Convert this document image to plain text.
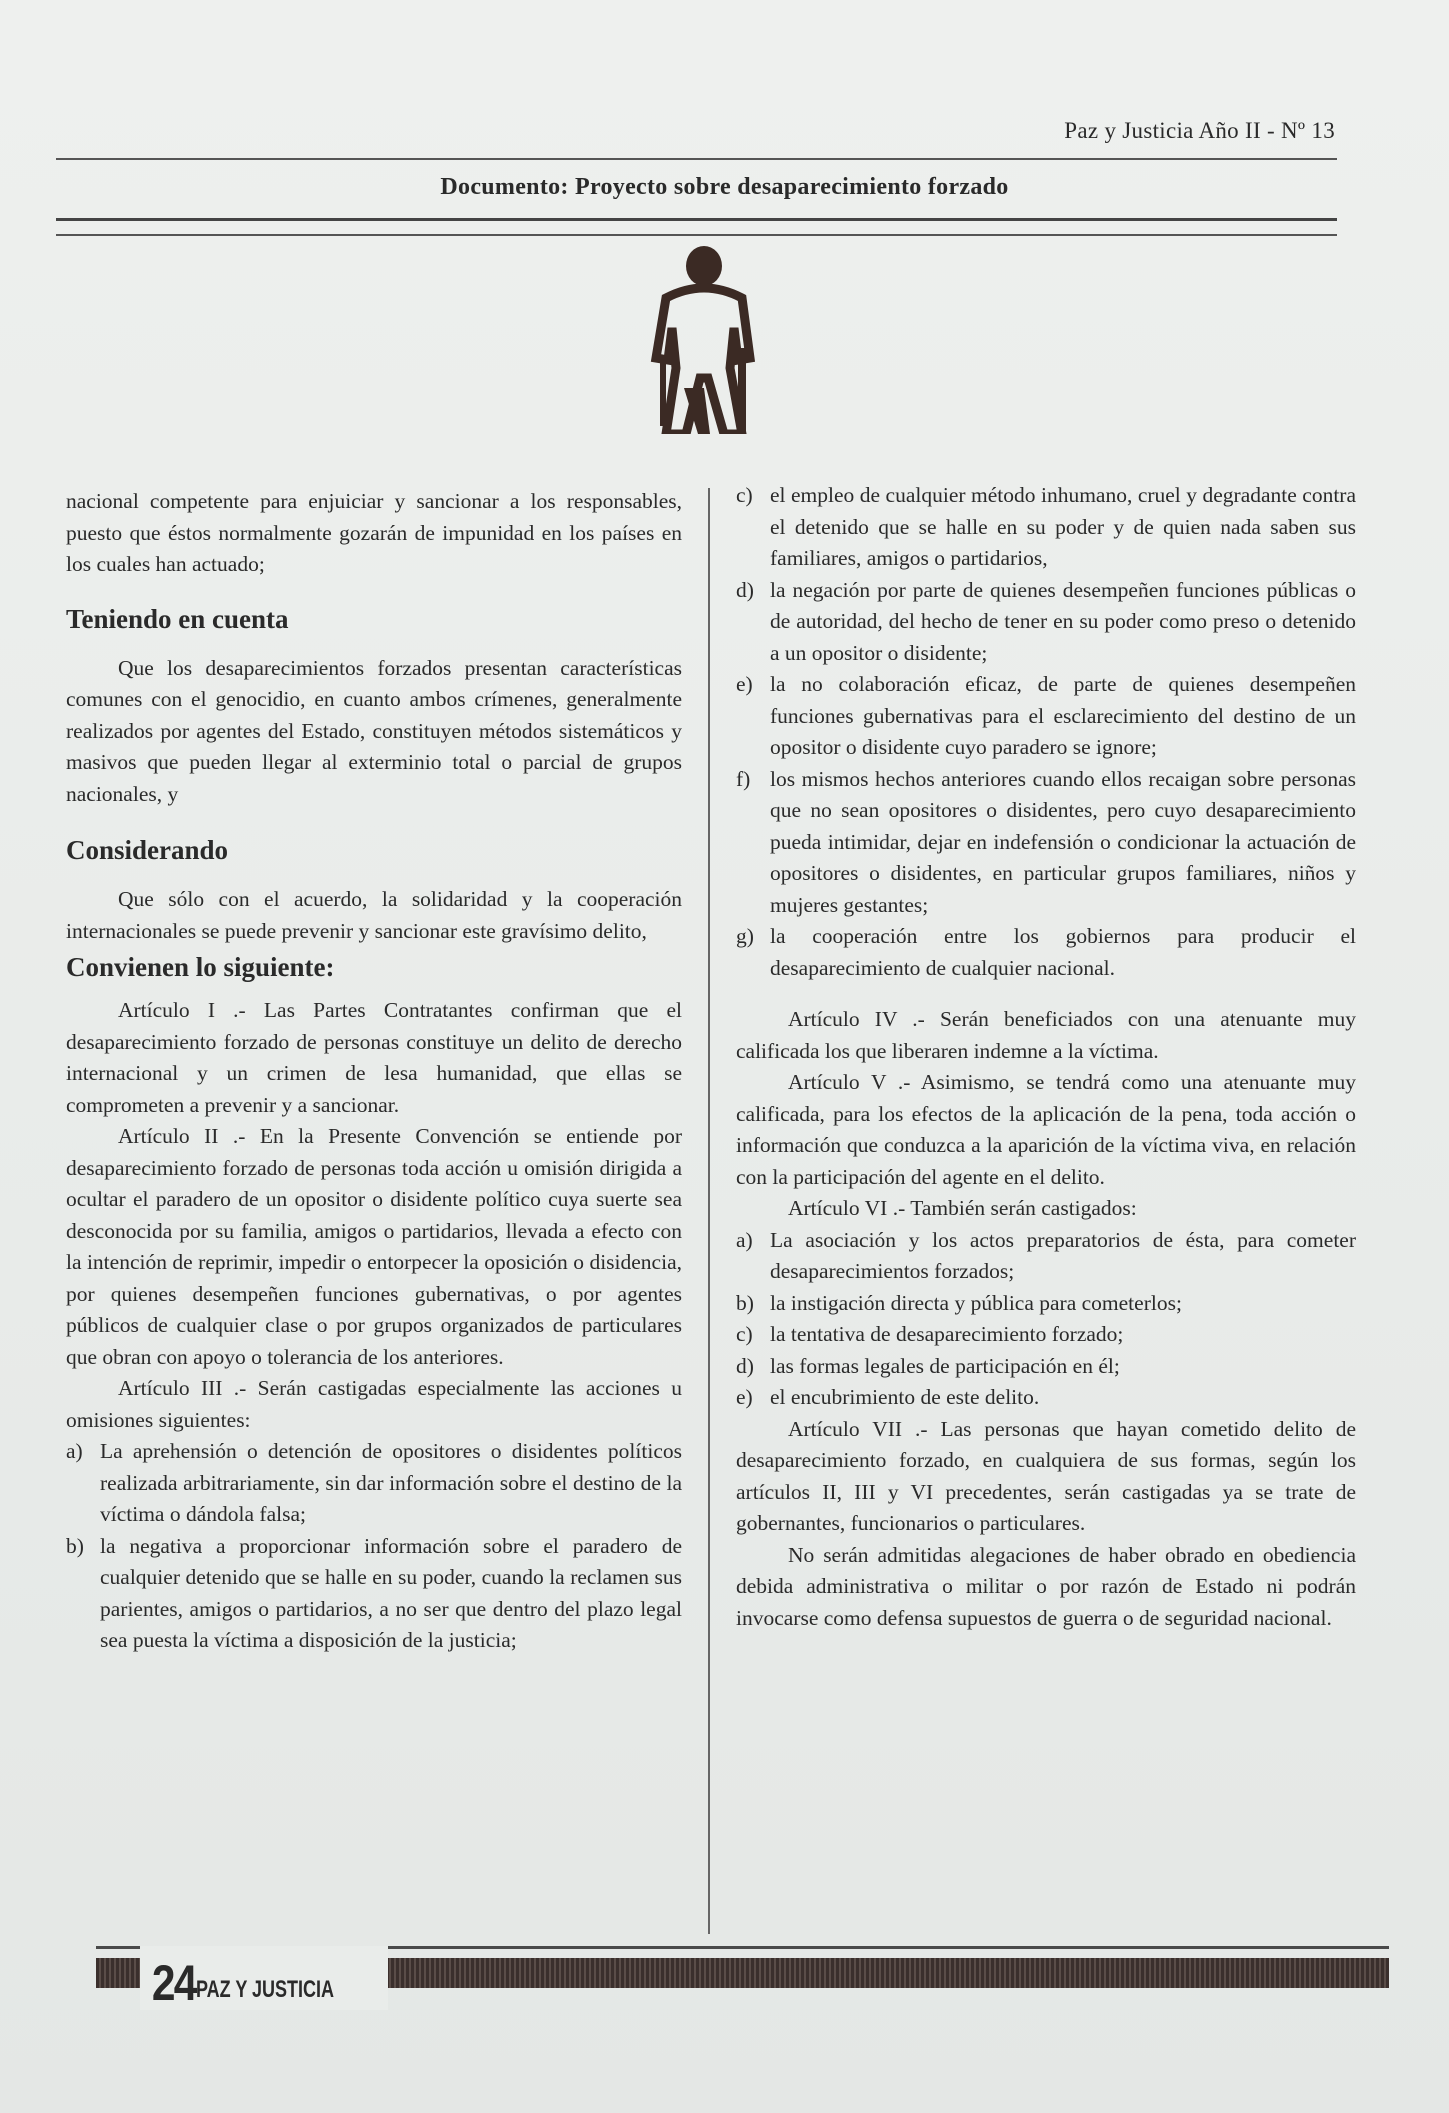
Paz y Justicia Año II - Nº 13
Documento: Proyecto sobre desaparecimiento forzado

nacional competente para enjuiciar y sancionar a los responsables, puesto que éstos normalmente gozarán de impunidad en los países en los cuales han actuado;

Teniendo en cuenta

Que los desaparecimientos forzados presentan características comunes con el genocidio, en cuanto ambos crímenes, generalmente realizados por agentes del Estado, constituyen métodos sistemáticos y masivos que pueden llegar al exterminio total o parcial de grupos nacionales, y

Considerando

Que sólo con el acuerdo, la solidaridad y la cooperación internacionales se puede prevenir y sancionar este gravísimo delito,

Convienen lo siguiente:

Artículo I .- Las Partes Contratantes confirman que el desaparecimiento forzado de personas constituye un delito de derecho internacional y un crimen de lesa humanidad, que ellas se comprometen a prevenir y a sancionar.

Artículo II .- En la Presente Convención se entiende por desaparecimiento forzado de personas toda acción u omisión dirigida a ocultar el paradero de un opositor o disidente político cuya suerte sea desconocida por su familia, amigos o partidarios, llevada a efecto con la intención de reprimir, impedir o entorpecer la oposición o disidencia, por quienes desempeñen funciones gubernativas, o por agentes públicos de cualquier clase o por grupos organizados de particulares que obran con apoyo o tolerancia de los anteriores.

Artículo III .- Serán castigadas especialmente las acciones u omisiones siguientes:

a) La aprehensión o detención de opositores o disidentes políticos realizada arbitrariamente, sin dar información sobre el destino de la víctima o dándola falsa;
b) la negativa a proporcionar información sobre el paradero de cualquier detenido que se halle en su poder, cuando la reclamen sus parientes, amigos o partidarios, a no ser que dentro del plazo legal sea puesta la víctima a disposición de la justicia;
c) el empleo de cualquier método inhumano, cruel y degradante contra el detenido que se halle en su poder y de quien nada saben sus familiares, amigos o partidarios,
d) la negación por parte de quienes desempeñen funciones públicas o de autoridad, del hecho de tener en su poder como preso o detenido a un opositor o disidente;
e) la no colaboración eficaz, de parte de quienes desempeñen funciones gubernativas para el esclarecimiento del destino de un opositor o disidente cuyo paradero se ignore;
f) los mismos hechos anteriores cuando ellos recaigan sobre personas que no sean opositores o disidentes, pero cuyo desaparecimiento pueda intimidar, dejar en indefensión o condicionar la actuación de opositores o disidentes, en particular grupos familiares, niños y mujeres gestantes;
g) la cooperación entre los gobiernos para producir el desaparecimiento de cualquier nacional.

Artículo IV .- Serán beneficiados con una atenuante muy calificada los que liberaren indemne a la víctima.

Artículo V .- Asimismo, se tendrá como una atenuante muy calificada, para los efectos de la aplicación de la pena, toda acción o información que conduzca a la aparición de la víctima viva, en relación con la participación del agente en el delito.

Artículo VI .- También serán castigados:

a) La asociación y los actos preparatorios de ésta, para cometer desaparecimientos forzados;
b) la instigación directa y pública para cometerlos;
c) la tentativa de desaparecimiento forzado;
d) las formas legales de participación en él;
e) el encubrimiento de este delito.

Artículo VII .- Las personas que hayan cometido delito de desaparecimiento forzado, en cualquiera de sus formas, según los artículos II, III y VI precedentes, serán castigadas ya se trate de gobernantes, funcionarios o particulares.

No serán admitidas alegaciones de haber obrado en obediencia debida administrativa o militar o por razón de Estado ni podrán invocarse como defensa supuestos de guerra o de seguridad nacional.

24 PAZ Y JUSTICIA
